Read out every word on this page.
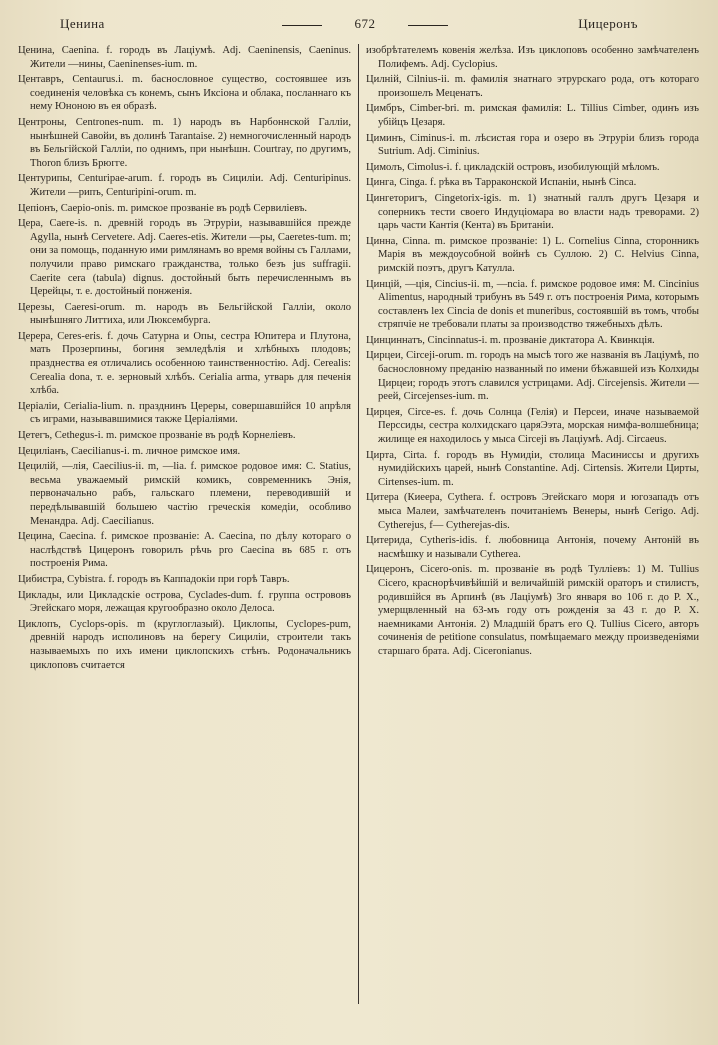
Ценина	672	Цицеронъ
Ценина, Caenina. f. городъ въ Лаціумѣ. Adj. Caeninensis, Caeninus. Жители —нины, Caeninenses-ium. m.
Центавръ, Centaurus.i. m. баснословное существо, состоявшее изъ соединенія человѣка съ конемъ, сынъ Иксіона и облака, посланнаго къ нему Юноною въ ея образѣ.
Центроны, Centrones-num. m. 1) народъ въ Нарбоннской Галліи, нынѣшней Савойи, въ долинѣ Tarantaise. 2) немногочисленный народъ въ Бельгійской Галліи, по однимъ, при нынѣшн. Courtray, по другимъ, Thoron близъ Брюгге.
Центурипы, Centuripae-arum. f. городъ въ Сициліи. Adj. Centuripinus. Жители —рипъ, Centuripini-orum. m.
Цепіонъ, Caepio-onis. m. римское прозваніе въ родѣ Сервиліевъ.
Цера, Caere-is. n. древній городъ въ Этруріи, называвшійся прежде Agylla, нынѣ Cervetere. Adj. Caeres-etis. Жители —ры, Caeretes-tum. m; они за помощь, поданную ими римлянамъ во время войны съ Галлами, получили право римскаго гражданства, только безъ jus suffragii. Caerite cera (tabula) dignus. достойный быть перечисленнымъ въ Церейцы, т. е. достойный понженія.
Церезы, Caeresi-orum. m. народъ въ Бельгійской Галліи, около нынѣшняго Литтиха, или Люксембурга.
Церера, Ceres-eris. f. дочь Сатурна и Опы, сестра Юпитера и Плутона, мать Прозерпины, богиня земледѣлія и хлѣбныхъ плодовъ; празднества ея отличались особенною таинственностію. Adj. Cerealis: Cerealia dona, т. е. зерновый хлѣбъ. Cerialia arma, утварь для печенія хлѣба.
Церіаліи, Cerialia-lium. n. празднинъ Цереры, совершавшійся 10 апрѣля съ играми, называвшимися также Церіаліями.
Цетегъ, Cethegus-i. m. римское прозваніе въ родѣ Корнеліевъ.
Цециліанъ, Caecilianus-i. m. личное римское имя.
Цецилій, —лія, Caecilius-ii. m, —lia. f. римское родовое имя: C. Statius, весьма уважаемый римскій комикъ, современникъ Энія, первоначально рабъ, гальскаго племени, переводившій и передѣлывавшій большею частію греческія комедіи, особливо Менандра. Adj. Caecilianus.
Цецина, Caecina. f. римское прозваніе: A. Caecina, по дѣлу котораго о наслѣдствѣ Цицеронъ говорилъ рѣчь pro Caecina въ 685 г. отъ построенія Рима.
Цибистра, Cybistra. f. городъ въ Каппадокіи при горѣ Тавръ.
Циклады, или Цикладскіе острова, Cyclades-dum. f. группа острововъ Эгейскаго моря, лежащая кругообразно около Делоса.
Циклопъ, Cyclops-opis. m (круглоглазый). Циклопы, Cyclopes-pum, древній народъ исполиновъ на берегу Сициліи, строители такъ называемыхъ по ихъ имени циклопскихъ стѣнъ. Родоначальникъ циклоповъ считается
изобрѣтателемъ ковенія желѣза. Изъ циклоповъ особенно замѣчателенъ Полифемъ. Adj. Cyclopius.
Цилній, Cilnius-ii. m. фамилія знатнаго этрурскаго рода, отъ котораго произошелъ Меценатъ.
Цимбръ, Cimber-bri. m. римская фамилія: L. Tillius Cimber, одинъ изъ убійцъ Цезаря.
Циминъ, Ciminus-i. m. лѣсистая гора и озеро въ Этруріи близъ города Sutrium. Adj. Ciminius.
Цимолъ, Cimolus-i. f. цикладскій островъ, изобилующій мѣломъ.
Цинга, Cinga. f. рѣка въ Тарраконской Испаніи, нынѣ Cinca.
Цингеторигъ, Cingetorix-igis. m. 1) знатный галлъ другъ Цезаря и соперникъ тести своего Индуціомара во власти надъ треворами. 2) царь части Кантія (Кента) въ Британіи.
Цинна, Cinna. m. римское прозваніе: 1) L. Cornelius Cinna, сторонникъ Марія въ междоусобной войнѣ съ Суллою. 2) C. Helvius Cinna, римскій поэтъ, другъ Катулла.
Цинцій, —ція, Cincius-ii. m, —ncia. f. римское родовое имя: M. Cincinius Alimentus, народный трибунъ въ 549 г. отъ построенія Рима, которымъ составленъ lex Cincia de donis et muneribus, состоявшій въ томъ, чтобы стряпчіе не требовали платы за производство тяжебныхъ дѣлъ.
Цинциннатъ, Cincinnatus-i. m. прозваніе диктатора А. Квинкція.
Цирцеи, Circeji-orum. m. городъ на мысѣ того же названія въ Лаціумѣ, по баснословному преданію названный по имени бѣжавшей изъ Колхиды Цирцеи; городъ этотъ славился устрицами. Adj. Circejensis. Жители —реей, Circejenses-ium. m.
Цирцея, Circe-es. f. дочь Солнца (Гелія) и Персеи, иначе называемой Перссиды, сестра колхидскаго царяЭэта, морская нимфа-волшебница; жилище ея находилось у мыса Circeji въ Лаціумѣ. Adj. Circaeus.
Цирта, Cirta. f. городъ въ Нумидіи, столица Масиниссы и другихъ нумидійскихъ царей, нынѣ Constantine. Adj. Cirtensis. Жители Цирты, Cirtenses-ium. m.
Цитера (Киеера, Cythera. f. островъ Эгейскаго моря и югозападъ отъ мыса Малеи, замѣчателенъ почитаніемъ Венеры, нынѣ Cerigo. Adj. Cytherejus, f— Cytherejas-dis.
Цитерида, Cytheris-idis. f. любовница Антонія, почему Антоній въ насмѣшку и называли Cytherea.
Цицеронъ, Cicero-onis. m. прозваніе въ родѣ Тулліевъ: 1) M. Tullius Cicero, краснорѣчивѣйшій и величайшій римскій ораторъ и стилистъ, родившійся въ Арпинѣ (въ Лаціумѣ) 3го января во 106 г. до Р. Х., умерщвленный на 63-мъ году отъ рожденія за 43 г. до Р. Х. наемниками Антонія. 2) Младшій братъ его Q. Tullius Cicero, авторъ сочиненія de petitione consulatus, помѣщаемаго между произведеніями старшаго брата. Adj. Ciceronianus.
